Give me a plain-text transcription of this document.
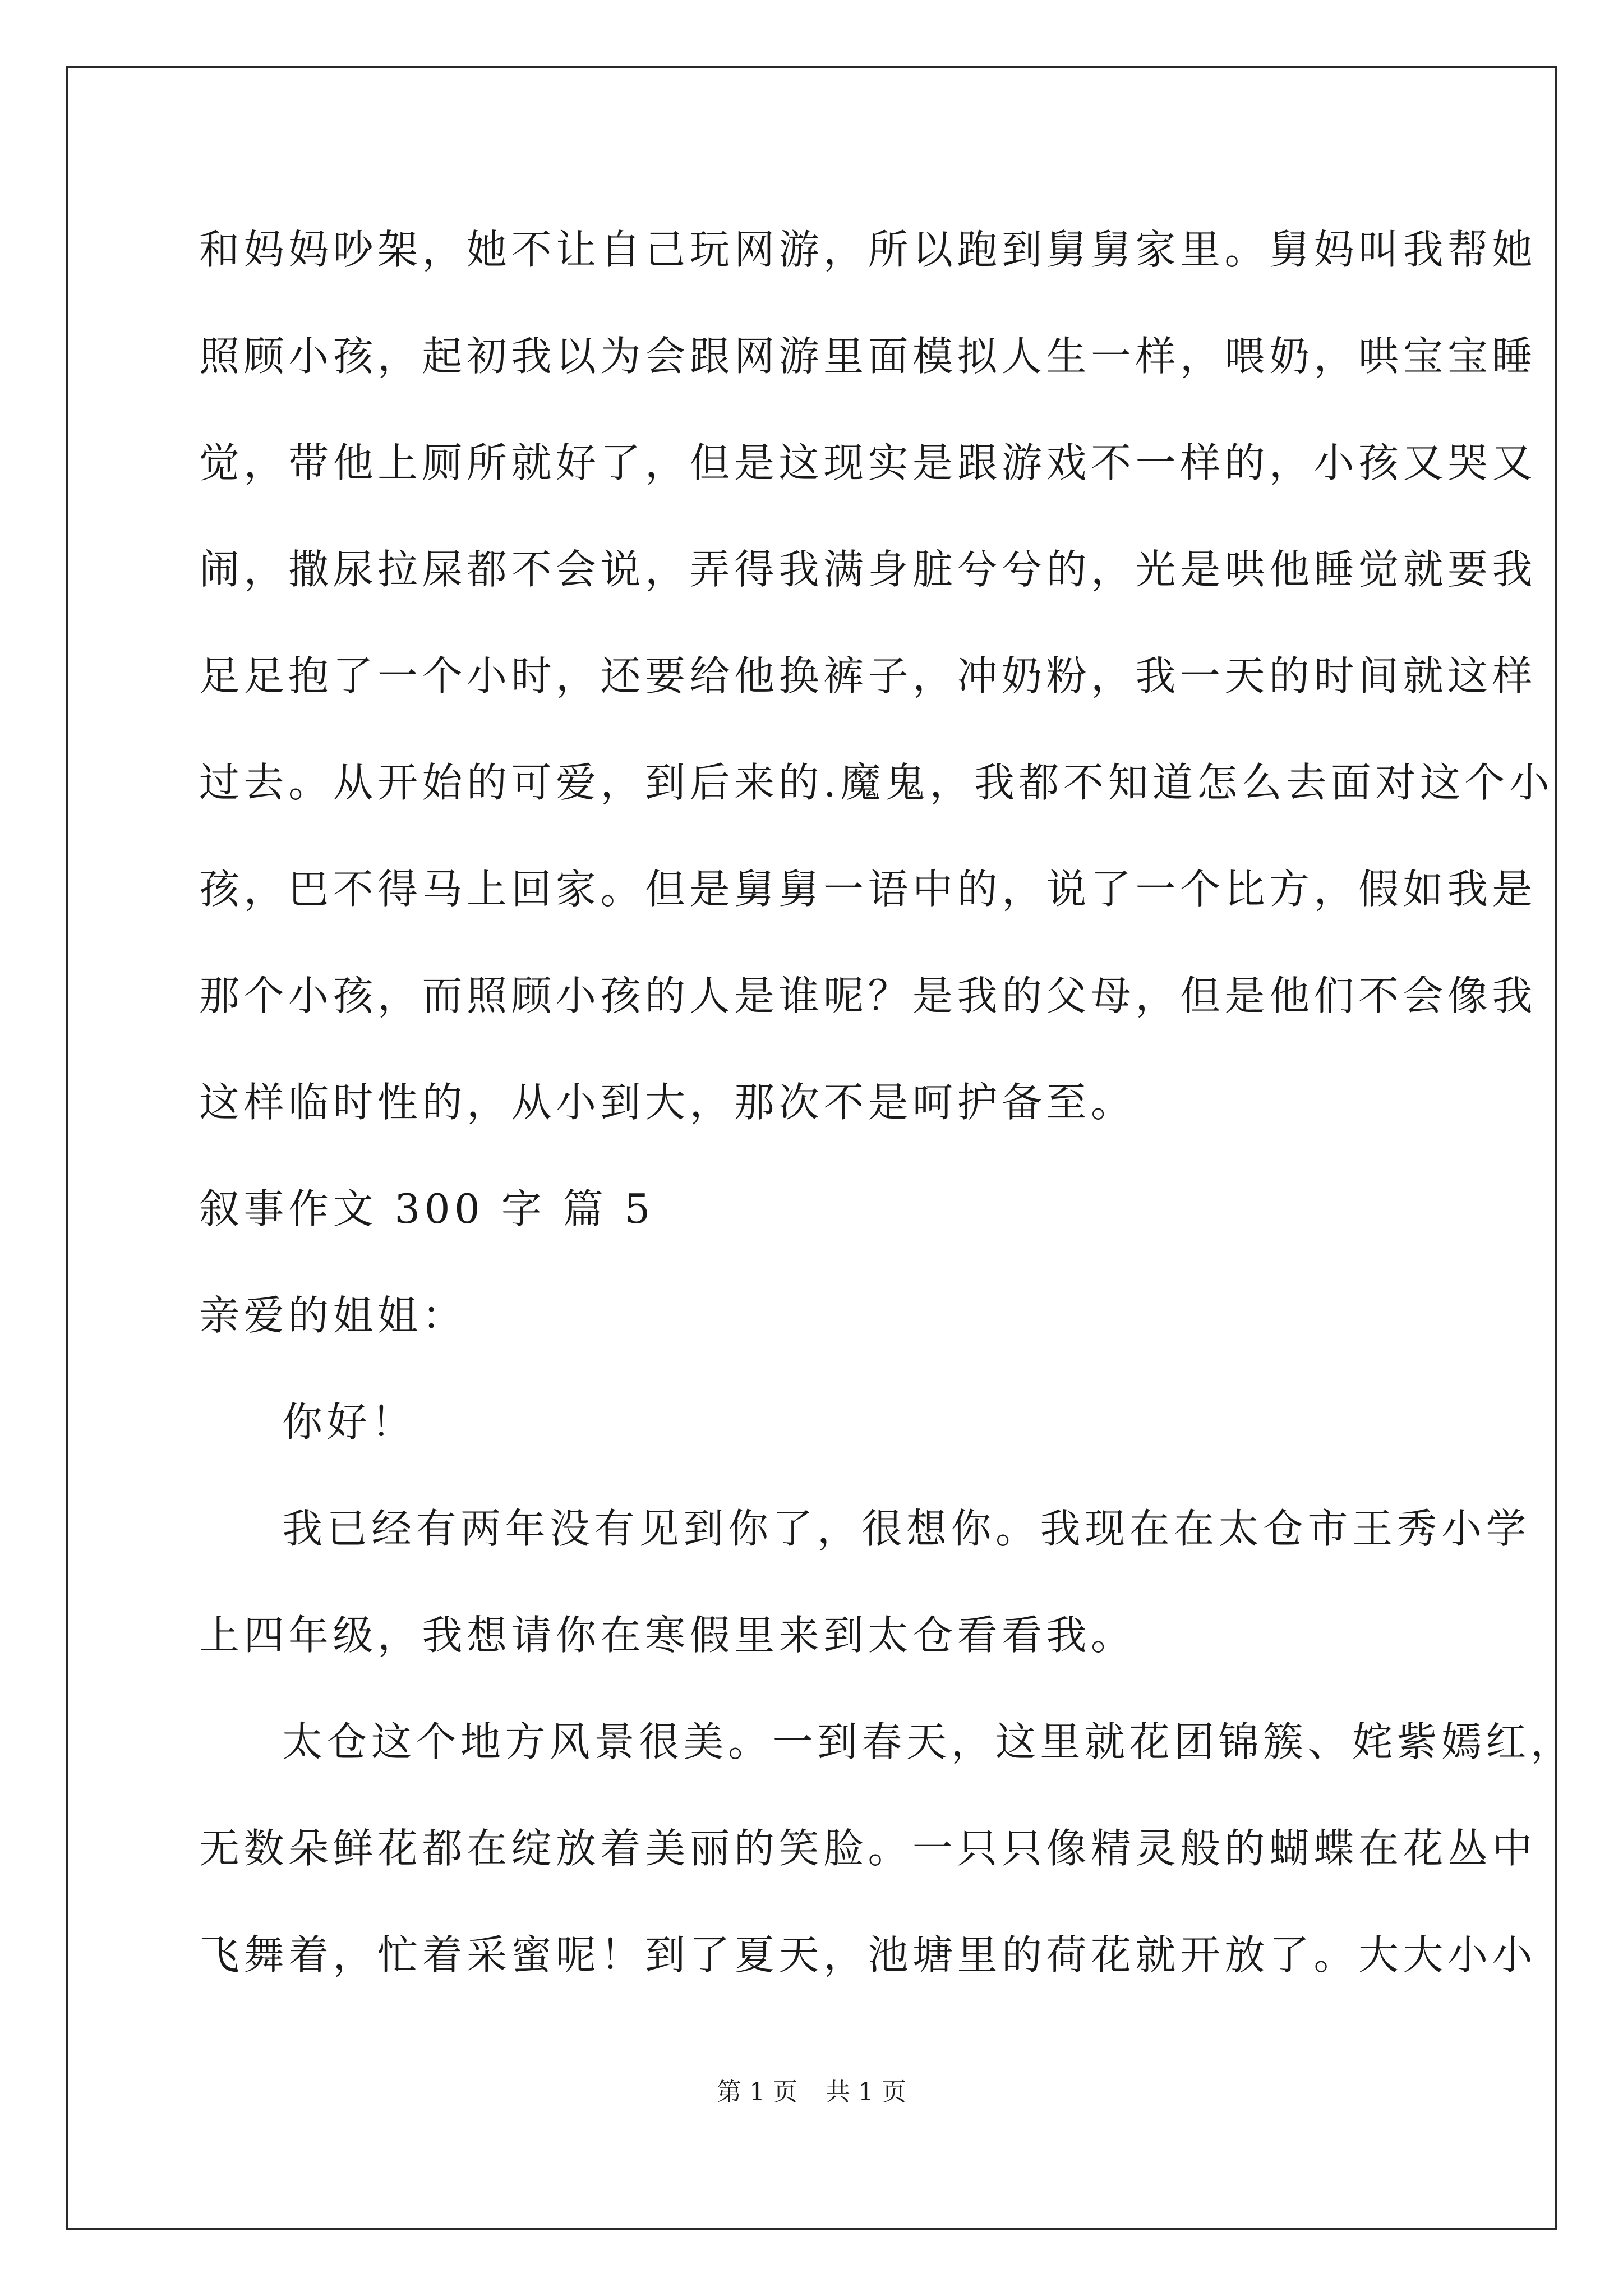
和妈妈吵架，她不让自己玩网游，所以跑到舅舅家里。舅妈叫我帮她
照顾小孩，起初我以为会跟网游里面模拟人生一样，喂奶，哄宝宝睡
觉，带他上厕所就好了，但是这现实是跟游戏不一样的，小孩又哭又
闹，撒尿拉屎都不会说，弄得我满身脏兮兮的，光是哄他睡觉就要我
足足抱了一个小时，还要给他换裤子，冲奶粉，我一天的时间就这样
过去。从开始的可爱，到后来的.魔鬼，我都不知道怎么去面对这个小
孩，巴不得马上回家。但是舅舅一语中的，说了一个比方，假如我是
那个小孩，而照顾小孩的人是谁呢？是我的父母，但是他们不会像我
这样临时性的，从小到大，那次不是呵护备至。
叙事作文 300 字 篇 5
亲爱的姐姐：
你好！
我已经有两年没有见到你了，很想你。我现在在太仓市王秀小学
上四年级，我想请你在寒假里来到太仓看看我。
太仓这个地方风景很美。一到春天，这里就花团锦簇、姹紫嫣红，
无数朵鲜花都在绽放着美丽的笑脸。一只只像精灵般的蝴蝶在花丛中
飞舞着，忙着采蜜呢！到了夏天，池塘里的荷花就开放了。大大小小
第 1 页 共 1 页
